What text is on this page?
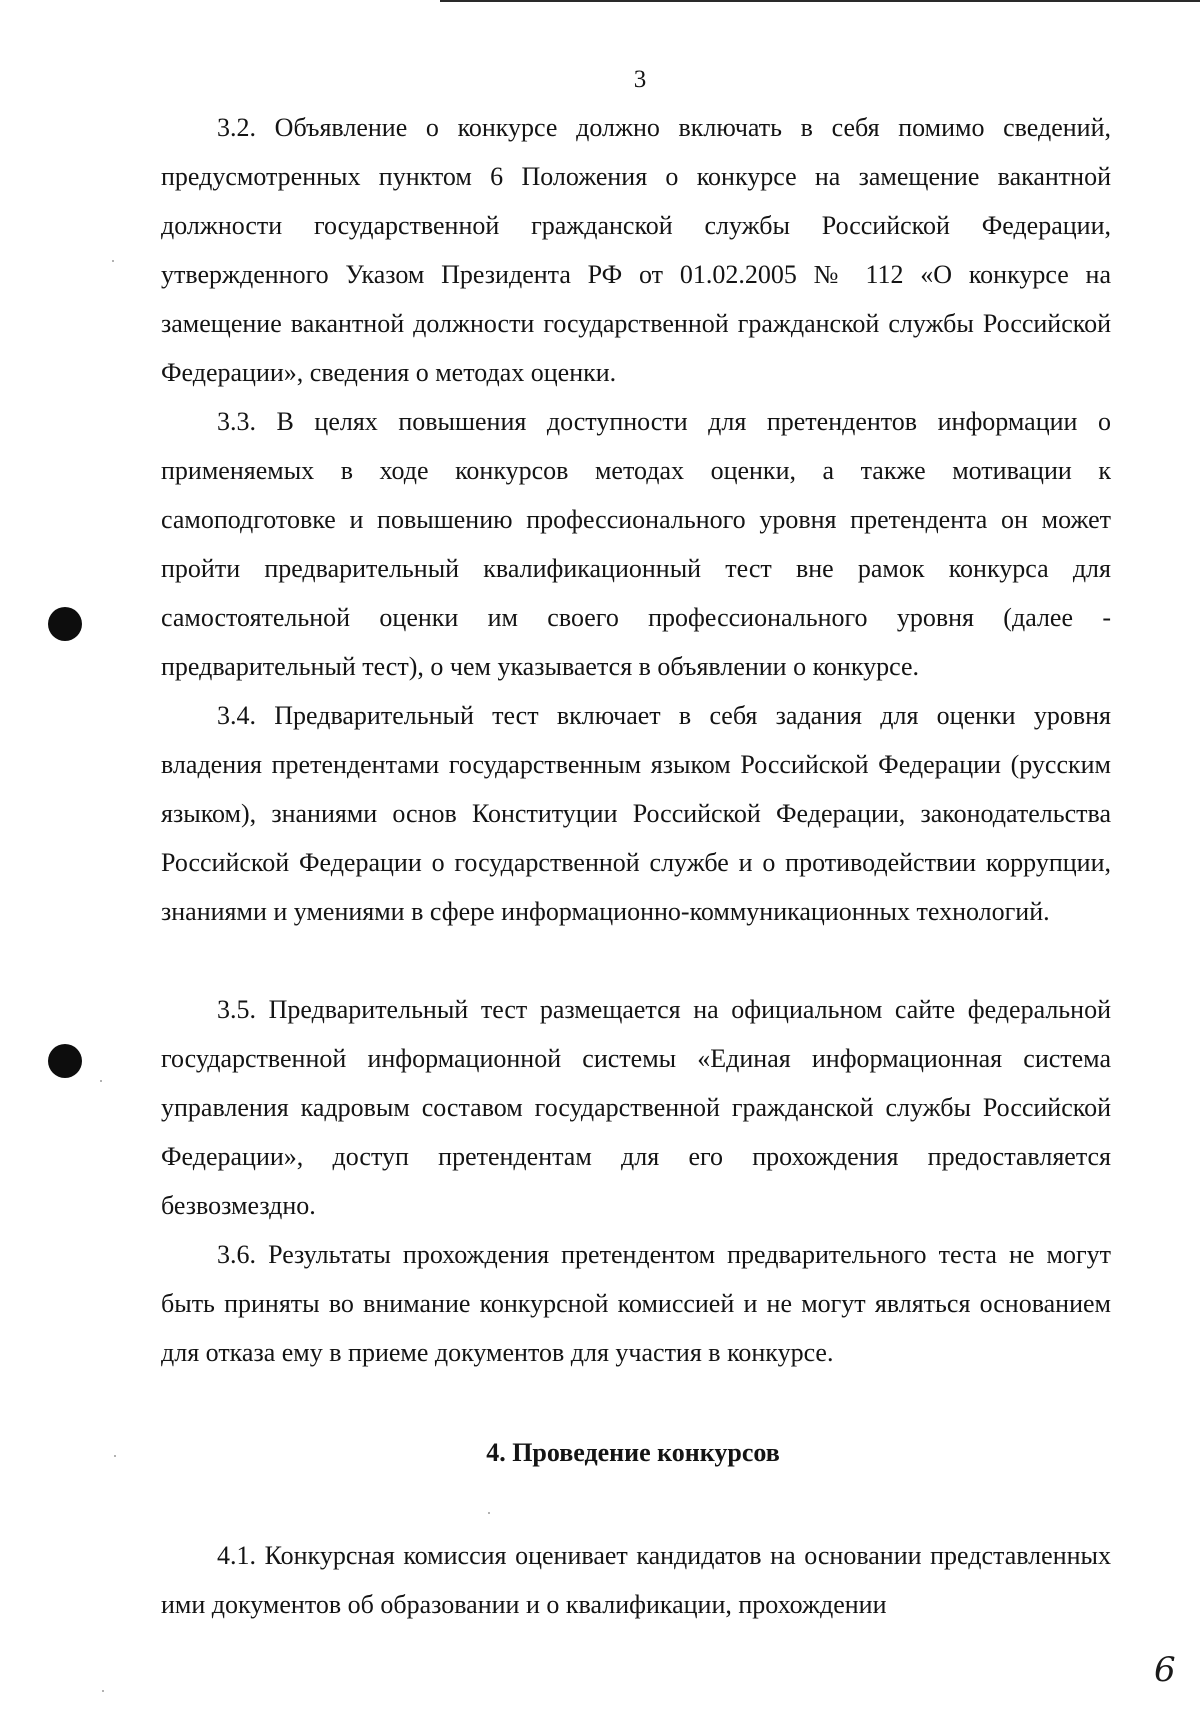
3

3.2. Объявление о конкурсе должно включать в себя помимо сведений, предусмотренных пунктом 6 Положения о конкурсе на замещение вакантной должности государственной гражданской службы Российской Федерации, утвержденного Указом Президента РФ от 01.02.2005 № 112 «О конкурсе на замещение вакантной должности государственной гражданской службы Российской Федерации», сведения о методах оценки.

3.3. В целях повышения доступности для претендентов информации о применяемых в ходе конкурсов методах оценки, а также мотивации к самоподготовке и повышению профессионального уровня претендента он может пройти предварительный квалификационный тест вне рамок конкурса для самостоятельной оценки им своего профессионального уровня (далее - предварительный тест), о чем указывается в объявлении о конкурсе.

3.4. Предварительный тест включает в себя задания для оценки уровня владения претендентами государственным языком Российской Федерации (русским языком), знаниями основ Конституции Российской Федерации, законодательства Российской Федерации о государственной службе и о противодействии коррупции, знаниями и умениями в сфере информационно-коммуникационных технологий.

3.5. Предварительный тест размещается на официальном сайте федеральной государственной информационной системы «Единая информационная система управления кадровым составом государственной гражданской службы Российской Федерации», доступ претендентам для его прохождения предоставляется безвозмездно.

3.6. Результаты прохождения претендентом предварительного теста не могут быть приняты во внимание конкурсной комиссией и не могут являться основанием для отказа ему в приеме документов для участия в конкурсе.

4. Проведение конкурсов

4.1. Конкурсная комиссия оценивает кандидатов на основании представленных ими документов об образовании и о квалификации, прохождении

6
